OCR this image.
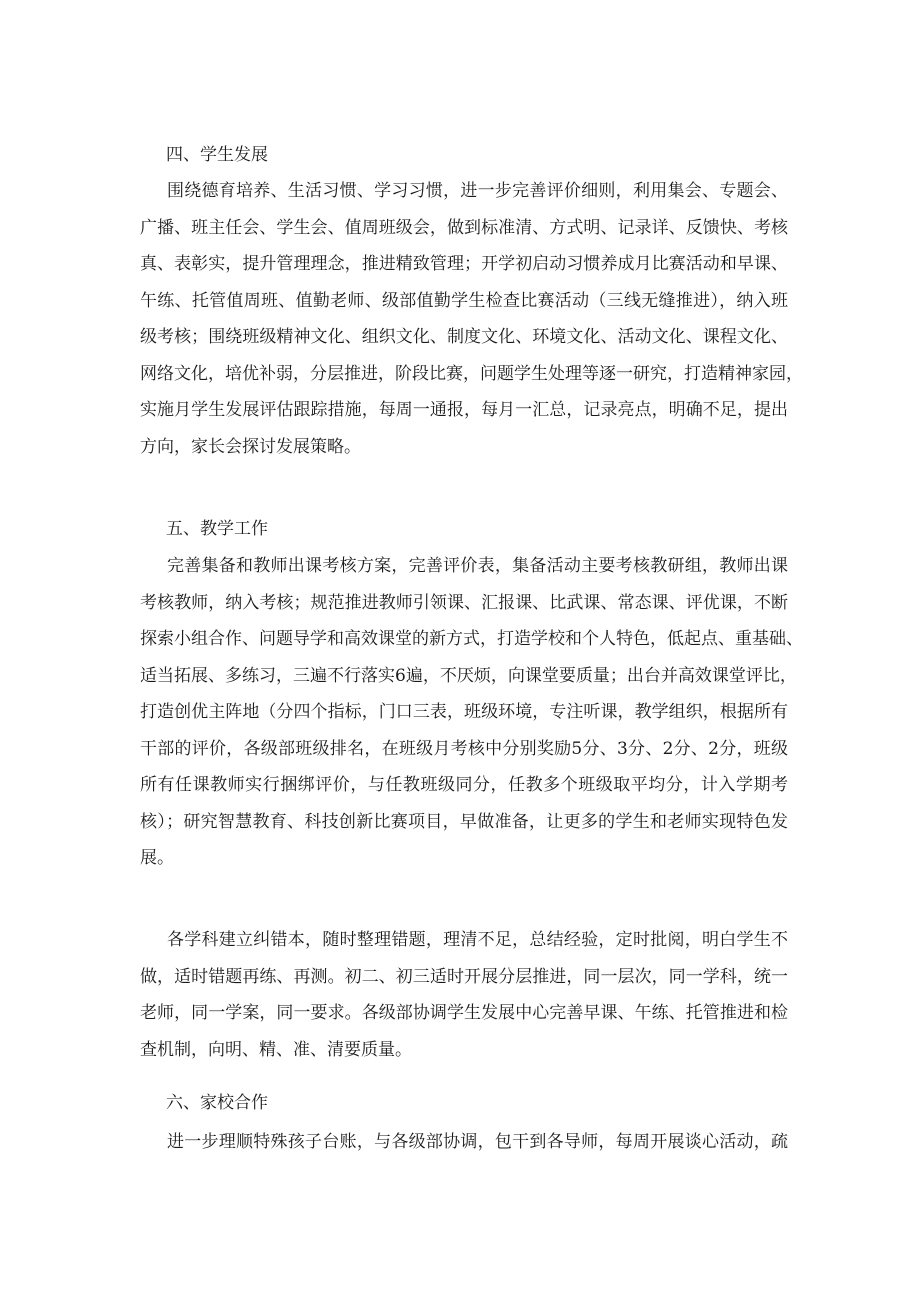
四、学生发展
围绕德育培养、生活习惯、学习习惯，进一步完善评价细则，利用集会、专题会、
广播、班主任会、学生会、值周班级会，做到标准清、方式明、记录详、反馈快、考核
真、表彰实，提升管理理念，推进精致管理；开学初启动习惯养成月比赛活动和早课、
午练、托管值周班、值勤老师、级部值勤学生检查比赛活动（三线无缝推进），纳入班
级考核；围绕班级精神文化、组织文化、制度文化、环境文化、活动文化、课程文化、
网络文化，培优补弱，分层推进，阶段比赛，问题学生处理等逐一研究，打造精神家园，
实施月学生发展评估跟踪措施，每周一通报，每月一汇总，记录亮点，明确不足，提出
方向，家长会探讨发展策略。
五、教学工作
完善集备和教师出课考核方案，完善评价表，集备活动主要考核教研组，教师出课
考核教师，纳入考核；规范推进教师引领课、汇报课、比武课、常态课、评优课，不断
探索小组合作、问题导学和高效课堂的新方式，打造学校和个人特色，低起点、重基础、
适当拓展、多练习，三遍不行落实6遍，不厌烦，向课堂要质量；出台并高效课堂评比，
打造创优主阵地（分四个指标，门口三表，班级环境，专注听课，教学组织，根据所有
干部的评价，各级部班级排名，在班级月考核中分别奖励5分、3分、2分、2分，班级
所有任课教师实行捆绑评价，与任教班级同分，任教多个班级取平均分，计入学期考
核）；研究智慧教育、科技创新比赛项目，早做准备，让更多的学生和老师实现特色发
展。
各学科建立纠错本，随时整理错题，理清不足，总结经验，定时批阅，明白学生不
做，适时错题再练、再测。初二、初三适时开展分层推进，同一层次，同一学科，统一
老师，同一学案，同一要求。各级部协调学生发展中心完善早课、午练、托管推进和检
查机制，向明、精、准、清要质量。
六、家校合作
进一步理顺特殊孩子台账，与各级部协调，包干到各导师，每周开展谈心活动，疏
